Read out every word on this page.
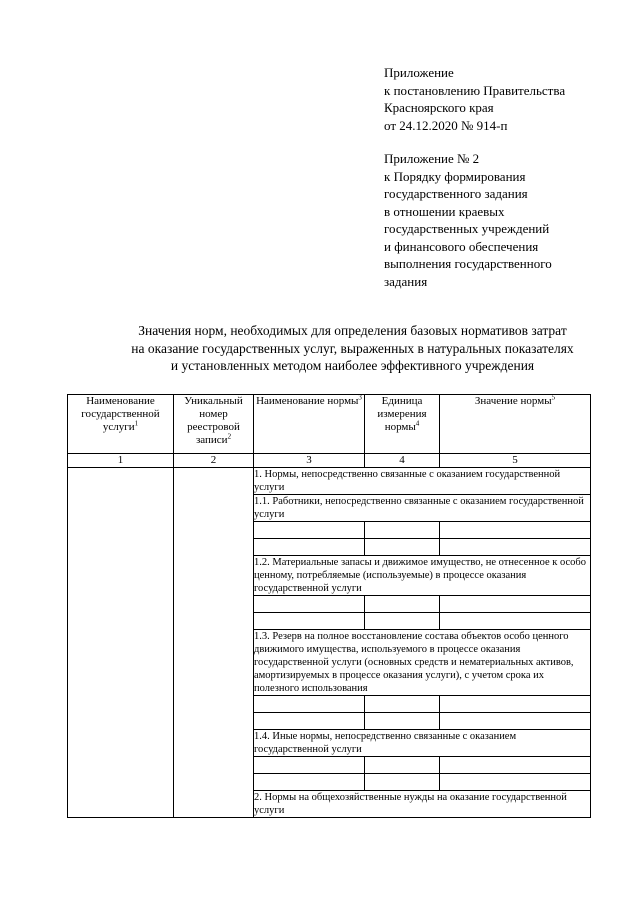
Приложение
к постановлению Правительства
Красноярского края
от 24.12.2020 № 914-п
Приложение № 2
к Порядку формирования
государственного задания
в отношении краевых
государственных учреждений
и финансового обеспечения
выполнения государственного
задания
Значения норм, необходимых для определения базовых нормативов затрат
на оказание государственных услуг, выраженных в натуральных показателях
и установленных методом наиболее эффективного учреждения
Наименование государственной услуги$^1$	Уникальный номер реестровой записи$^2$	Наименование нормы$^3$	Единица измерения нормы$^4$	Значение нормы$^5$
1	2	3	4	5
		1. Нормы, непосредственно связанные с оказанием государственной услуги		
		1.1. Работники, непосредственно связанные с оказанием государственной услуги		

		1.2. Материальные запасы и движимое имущество, не отнесенное к особо ценному, потребляемые (используемые) в процессе оказания государственной услуги		

		1.3. Резерв на полное восстановление состава объектов особо ценного движимого имущества, используемого в процессе оказания государственной услуги (основных средств и нематериальных активов, амортизируемых в процессе оказания услуги), с учетом срока их полезного использования		

		1.4. Иные нормы, непосредственно связанные с оказанием государственной услуги		

		2. Нормы на общехозяйственные нужды на оказание государственной услуги		
